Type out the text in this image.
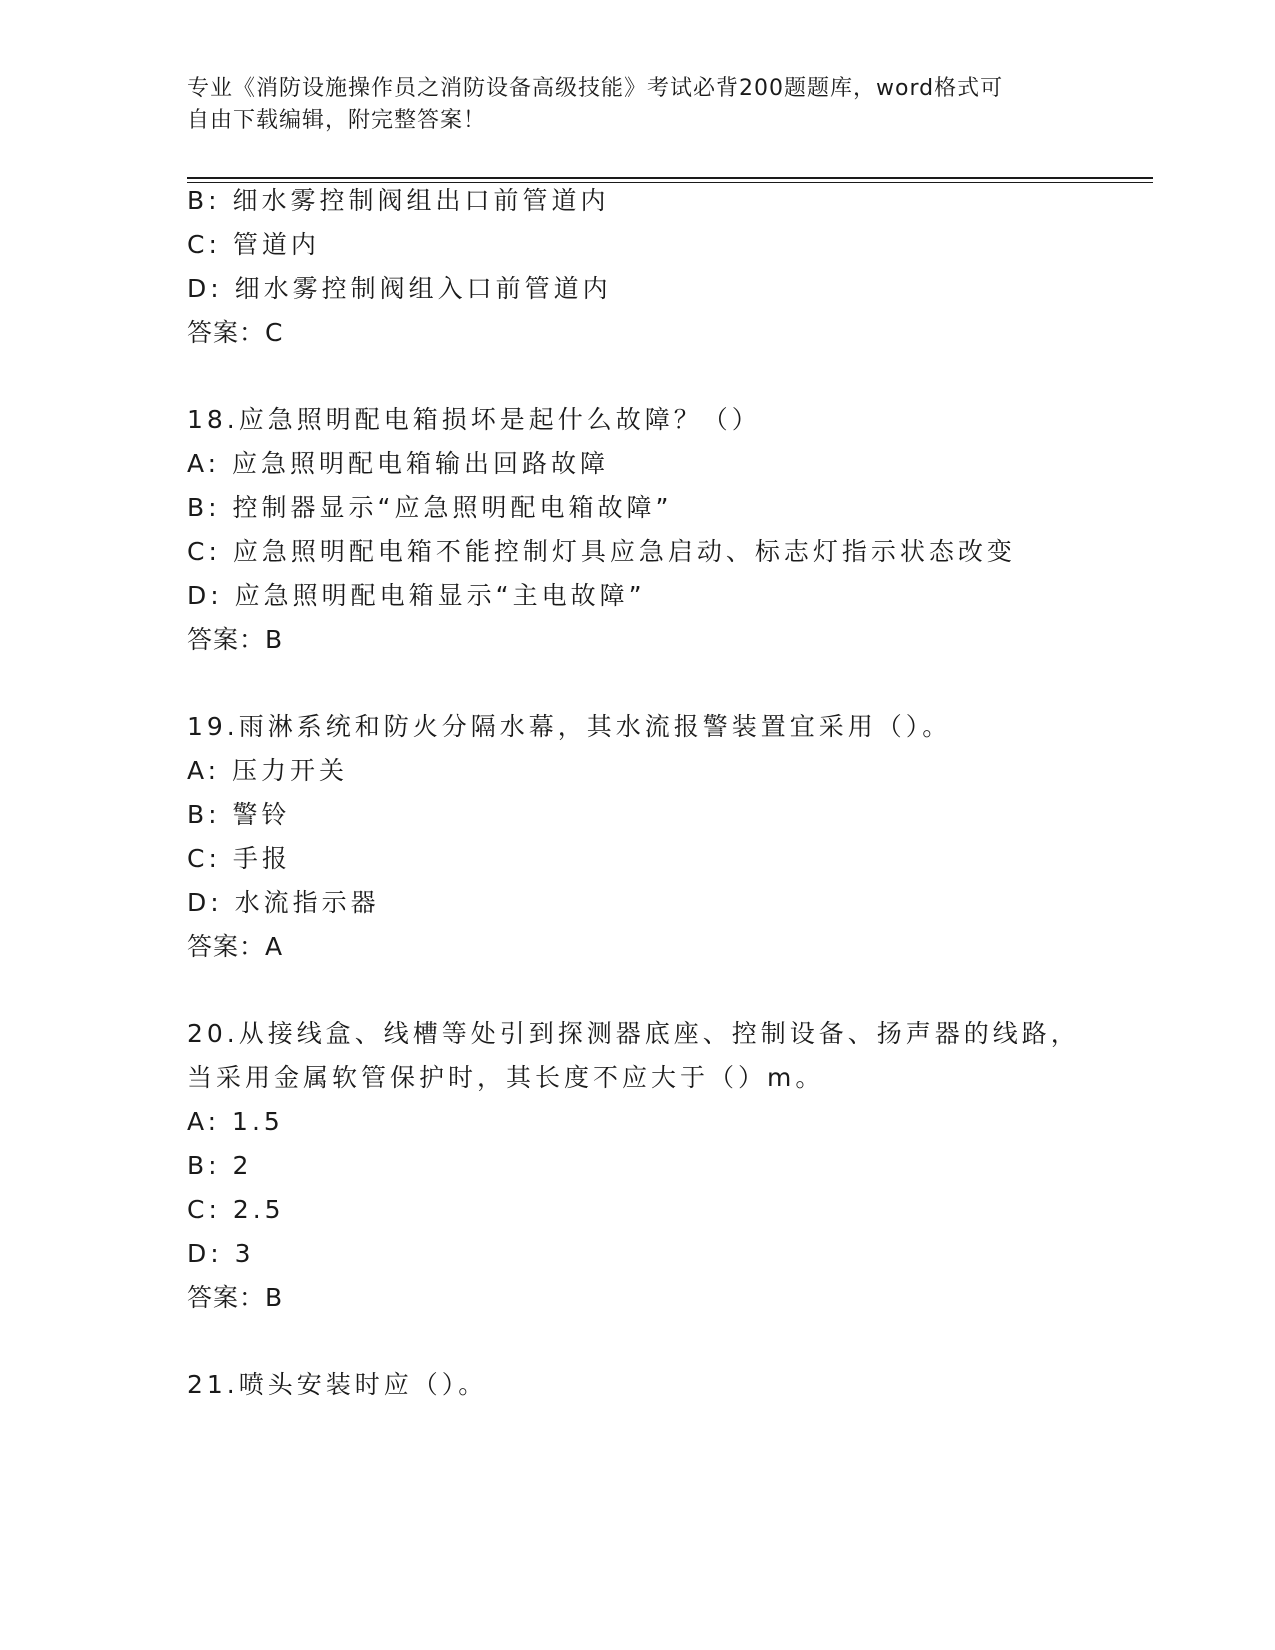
专业《消防设施操作员之消防设备高级技能》考试必背200题题库，word格式可
自由下载编辑，附完整答案！
B: 细水雾控制阀组出口前管道内
C: 管道内
D: 细水雾控制阀组入口前管道内
答案：C
18.应急照明配电箱损坏是起什么故障？（）
A: 应急照明配电箱输出回路故障
B: 控制器显示“应急照明配电箱故障”
C: 应急照明配电箱不能控制灯具应急启动、标志灯指示状态改变
D: 应急照明配电箱显示“主电故障”
答案：B
19.雨淋系统和防火分隔水幕，其水流报警装置宜采用（）。
A: 压力开关
B: 警铃
C: 手报
D: 水流指示器
答案：A
20.从接线盒、线槽等处引到探测器底座、控制设备、扬声器的线路，
当采用金属软管保护时，其长度不应大于（）m。
A: 1.5
B: 2
C: 2.5
D: 3
答案：B
21.喷头安装时应（）。
